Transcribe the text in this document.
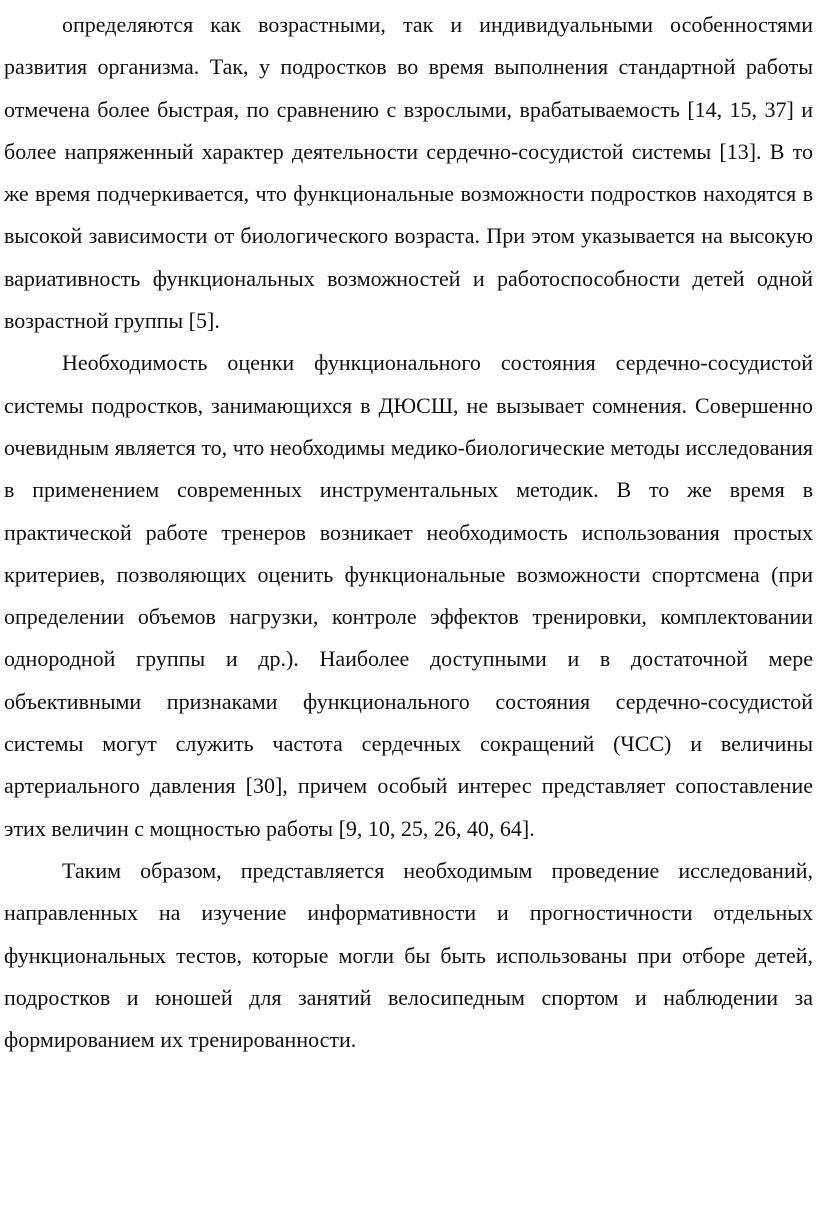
определяются как возрастными, так и индивидуальными особенностями развития организма. Так, у подростков во время выполнения стандартной работы отмечена более быстрая, по сравнению с взрослыми, врабатываемость [14, 15, 37] и более напряженный характер деятельности сердечно-сосудистой системы [13]. В то же время подчеркивается, что функциональные возможности подростков находятся в высокой зависимости от биологического возраста. При этом указывается на высокую вариативность функциональных возможностей и работоспособности детей одной возрастной группы [5].

Необходимость оценки функционального состояния сердечно-сосудистой системы подростков, занимающихся в ДЮСШ, не вызывает сомнения. Совершенно очевидным является то, что необходимы медико-биологические методы исследования в применением современных инструментальных методик. В то же время в практической работе тренеров возникает необходимость использования простых критериев, позволяющих оценить функциональные возможности спортсмена (при определении объемов нагрузки, контроле эффектов тренировки, комплектовании однородной группы и др.). Наиболее доступными и в достаточной мере объективными признаками функционального состояния сердечно-сосудистой системы могут служить частота сердечных сокращений (ЧСС) и величины артериального давления [30], причем особый интерес представляет сопоставление этих величин с мощностью работы [9, 10, 25, 26, 40, 64].

Таким образом, представляется необходимым проведение исследований, направленных на изучение информативности и прогностичности отдельных функциональных тестов, которые могли бы быть использованы при отборе детей, подростков и юношей для занятий велосипедным спортом и наблюдении за формированием их тренированности.
